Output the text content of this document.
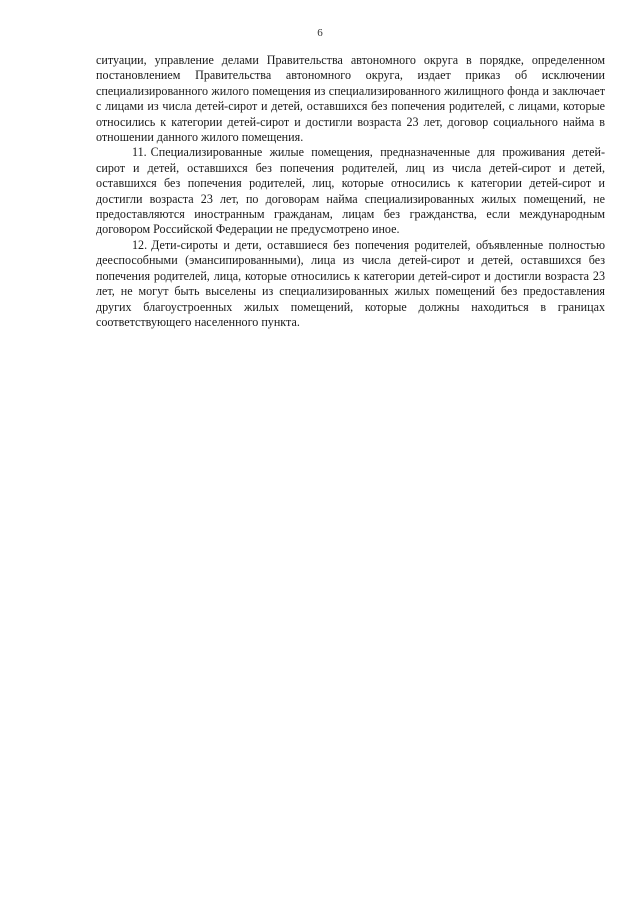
6

ситуации, управление делами Правительства автономного округа в порядке, определенном постановлением Правительства автономного округа, издает приказ об исключении специализированного жилого помещения из специализированного жилищного фонда и заключает с лицами из числа детей-сирот и детей, оставшихся без попечения родителей, с лицами, которые относились к категории детей-сирот и достигли возраста 23 лет, договор социального найма в отношении данного жилого помещения.

11. Специализированные жилые помещения, предназначенные для проживания детей-сирот и детей, оставшихся без попечения родителей, лиц из числа детей-сирот и детей, оставшихся без попечения родителей, лиц, которые относились к категории детей-сирот и достигли возраста 23 лет, по договорам найма специализированных жилых помещений, не предоставляются иностранным гражданам, лицам без гражданства, если международным договором Российской Федерации не предусмотрено иное.

12. Дети-сироты и дети, оставшиеся без попечения родителей, объявленные полностью дееспособными (эмансипированными), лица из числа детей-сирот и детей, оставшихся без попечения родителей, лица, которые относились к категории детей-сирот и достигли возраста 23 лет, не могут быть выселены из специализированных жилых помещений без предоставления других благоустроенных жилых помещений, которые должны находиться в границах соответствующего населенного пункта.
